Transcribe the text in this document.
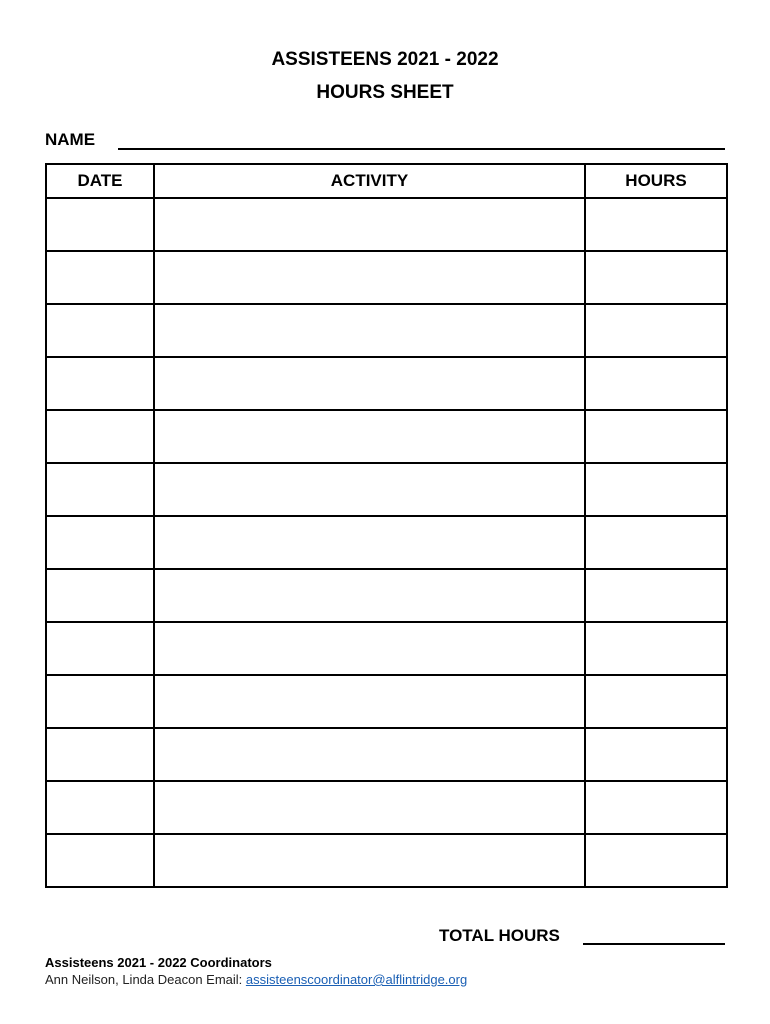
ASSISTEENS 2021 - 2022
HOURS SHEET
NAME
DATE	ACTIVITY	HOURS

TOTAL HOURS
Assisteens 2021 - 2022 Coordinators
Ann Neilson, Linda Deacon Email: assisteenscoordinator@alflintridge.org
